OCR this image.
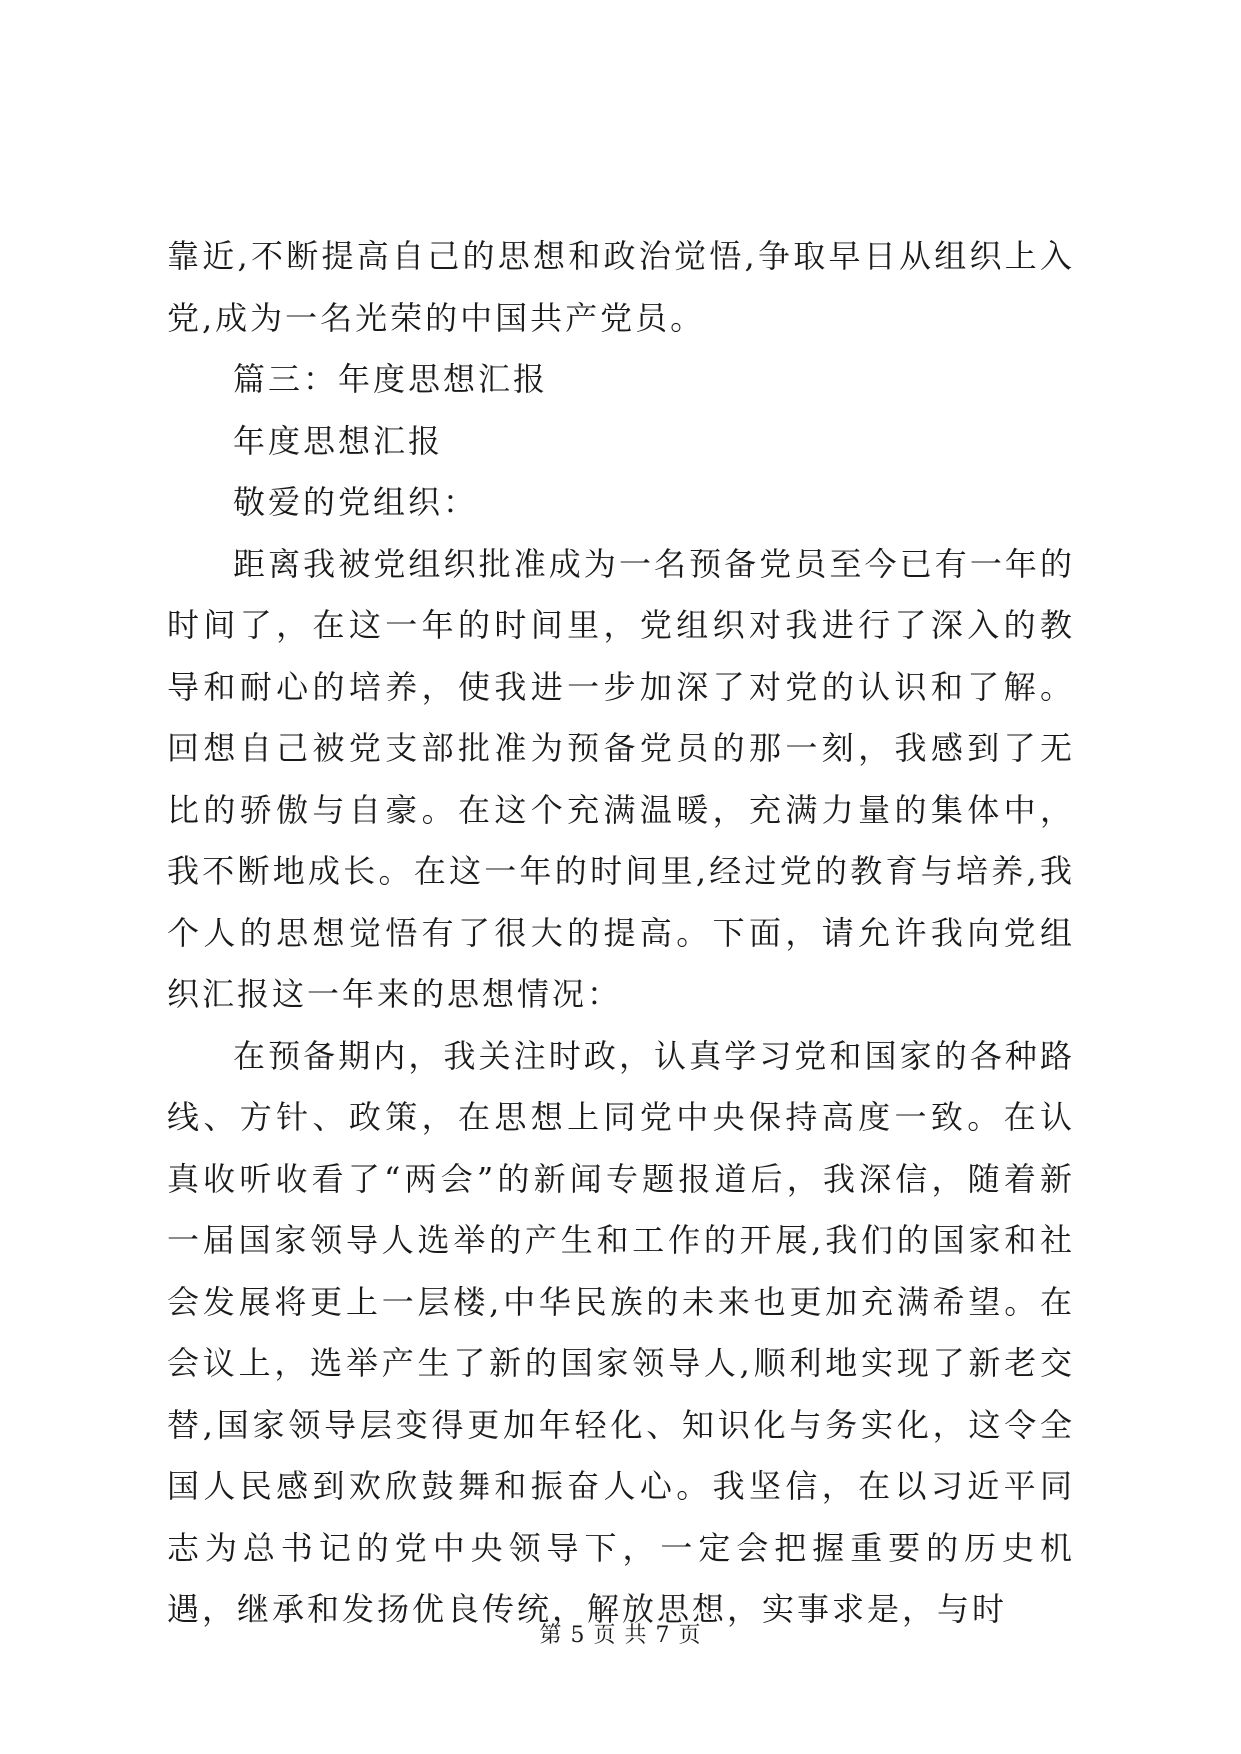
靠近,不断提高自己的思想和政治觉悟,争取早日从组织上入党,成为一名光荣的中国共产党员。

篇三：年度思想汇报

年度思想汇报

敬爱的党组织：

距离我被党组织批准成为一名预备党员至今已有一年的时间了，在这一年的时间里，党组织对我进行了深入的教导和耐心的培养，使我进一步加深了对党的认识和了解。回想自己被党支部批准为预备党员的那一刻，我感到了无比的骄傲与自豪。在这个充满温暖，充满力量的集体中，我不断地成长。在这一年的时间里,经过党的教育与培养,我个人的思想觉悟有了很大的提高。下面，请允许我向党组织汇报这一年来的思想情况：

在预备期内，我关注时政，认真学习党和国家的各种路线、方针、政策，在思想上同党中央保持高度一致。在认真收听收看了“两会”的新闻专题报道后，我深信，随着新一届国家领导人选举的产生和工作的开展,我们的国家和社会发展将更上一层楼,中华民族的未来也更加充满希望。在会议上，选举产生了新的国家领导人,顺利地实现了新老交替,国家领导层变得更加年轻化、知识化与务实化，这令全国人民感到欢欣鼓舞和振奋人心。我坚信，在以习近平同志为总书记的党中央领导下，一定会把握重要的历史机遇，继承和发扬优良传统，解放思想，实事求是，与时

第 5 页 共 7 页
